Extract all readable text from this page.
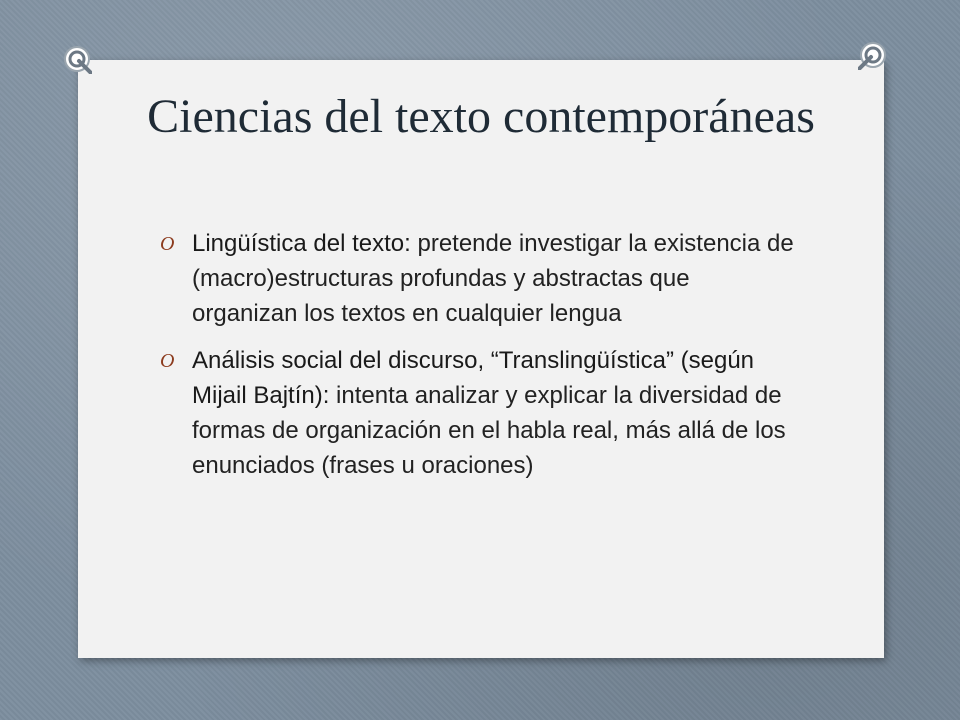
Ciencias del texto contemporáneas
O Lingüística del texto: pretende investigar la existencia de (macro)estructuras profundas y abstractas que organizan los textos en cualquier lengua
O Análisis social del discurso, “Translingüística” (según Mijail Bajtín): intenta analizar y explicar la diversidad de formas de organización en el habla real, más allá de los enunciados (frases u oraciones)
